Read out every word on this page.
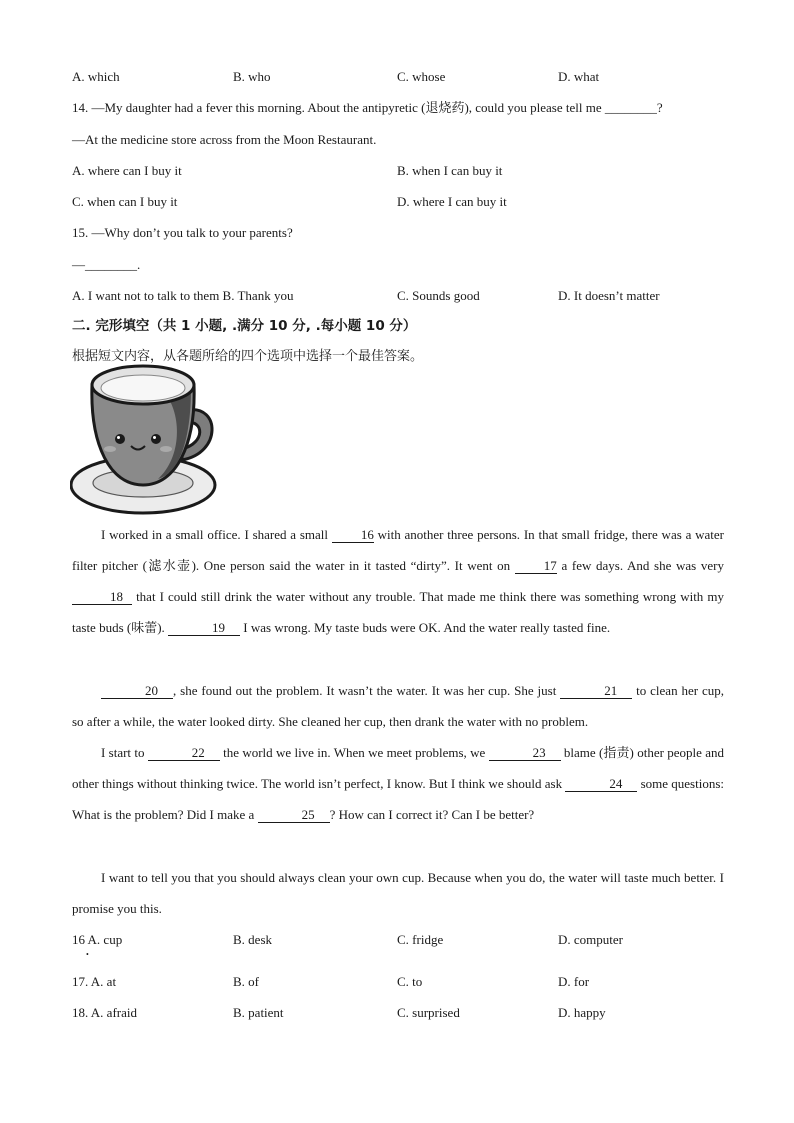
A. which	B. who	C. whose	D. what
14. —My daughter had a fever this morning. About the antipyretic (退烧药), could you please tell me ________?
—At the medicine store across from the Moon Restaurant.
A. where can I buy it	B. when I can buy it
C. when can I buy it	D. where I can buy it
15. —Why don’t you talk to your parents?
—________.
A. I want not to talk to them B. Thank you	C. Sounds good	D. It doesn’t matter
二. 完形填空（共 1 小题, .满分 10 分, .每小题 10 分）
根据短文内容，从各题所给的四个选项中选择一个最佳答案。
I worked in a small office. I shared a small 16 with another three persons. In that small fridge, there was a water filter pitcher (滤水壶). One person said the water in it tasted “dirty”. It went on 17 a few days. And she was very 18 that I could still drink the water without any trouble. That made me think there was something wrong with my taste buds (味蕾).	19 I was wrong. My taste buds were OK. And the water really tasted fine.
20 , she found out the problem. It wasn’t the water. It was her cup. She just	21 to clean her cup, so after a while, the water looked dirty. She cleaned her cup, then drank the water with no problem.
I start to	22 the world we live in. When we meet problems, we	23 blame (指责) other people and other things without thinking twice. The world isn’t perfect, I know. But I think we should ask	24 some questions: What is the problem? Did I make a	25 ? How can I correct it? Can I be better?
I want to tell you that you should always clean your own cup. Because when you do, the water will taste much better. I promise you this.
16 A. cup	B. desk	C. fridge	D. computer
•
17. A. at	B. of	C. to	D. for
18. A. afraid	B. patient	C. surprised	D. happy
